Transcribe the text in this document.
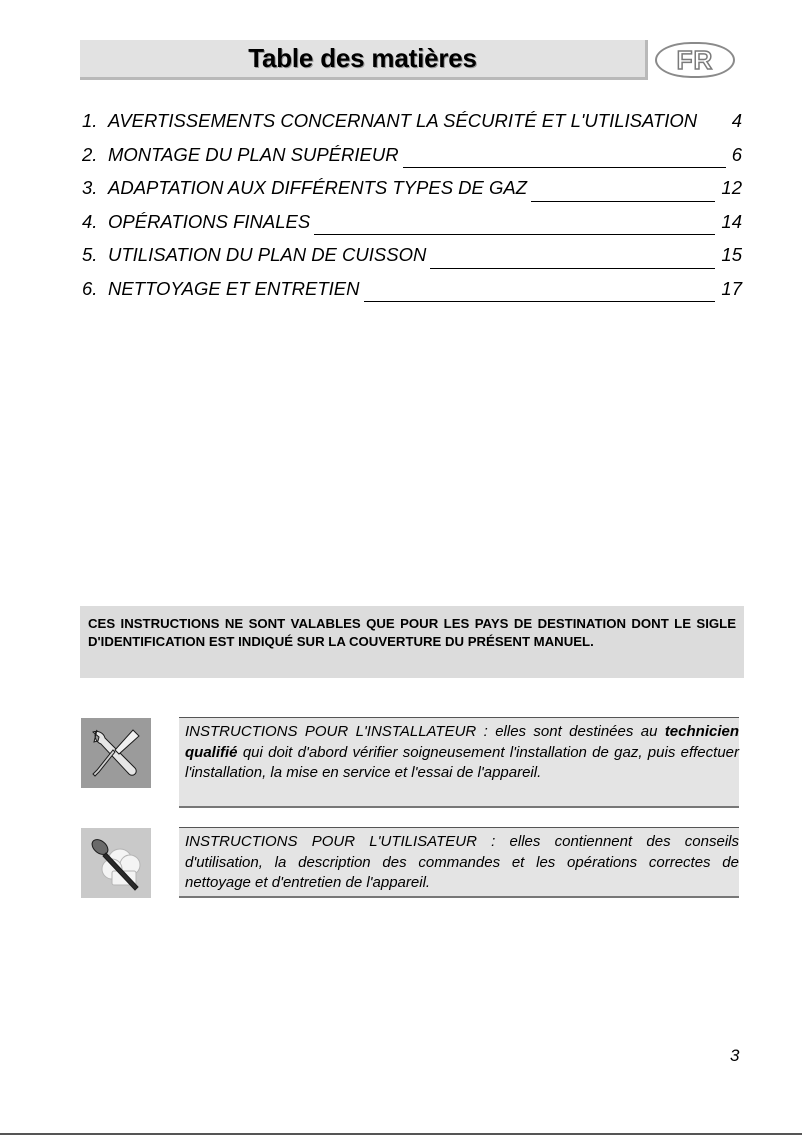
Table des matières	FR
1. AVERTISSEMENTS CONCERNANT LA SÉCURITÉ ET L'UTILISATION 4
2. MONTAGE DU PLAN SUPÉRIEUR	6
3. ADAPTATION AUX DIFFÉRENTS TYPES DE GAZ	12
4. OPÉRATIONS FINALES	14
5. UTILISATION DU PLAN DE CUISSON	15
6. NETTOYAGE ET ENTRETIEN	17
CES INSTRUCTIONS NE SONT VALABLES QUE POUR LES PAYS DE DESTINATION DONT LE SIGLE D'IDENTIFICATION EST INDIQUÉ SUR LA COUVERTURE DU PRÉSENT MANUEL.
INSTRUCTIONS POUR L'INSTALLATEUR : elles sont destinées au technicien qualifié qui doit d'abord vérifier soigneusement l'installation de gaz, puis effectuer l'installation, la mise en service et l'essai de l'appareil.
INSTRUCTIONS POUR L'UTILISATEUR : elles contiennent des conseils d'utilisation, la description des commandes et les opérations correctes de nettoyage et d'entretien de l'appareil.
3
